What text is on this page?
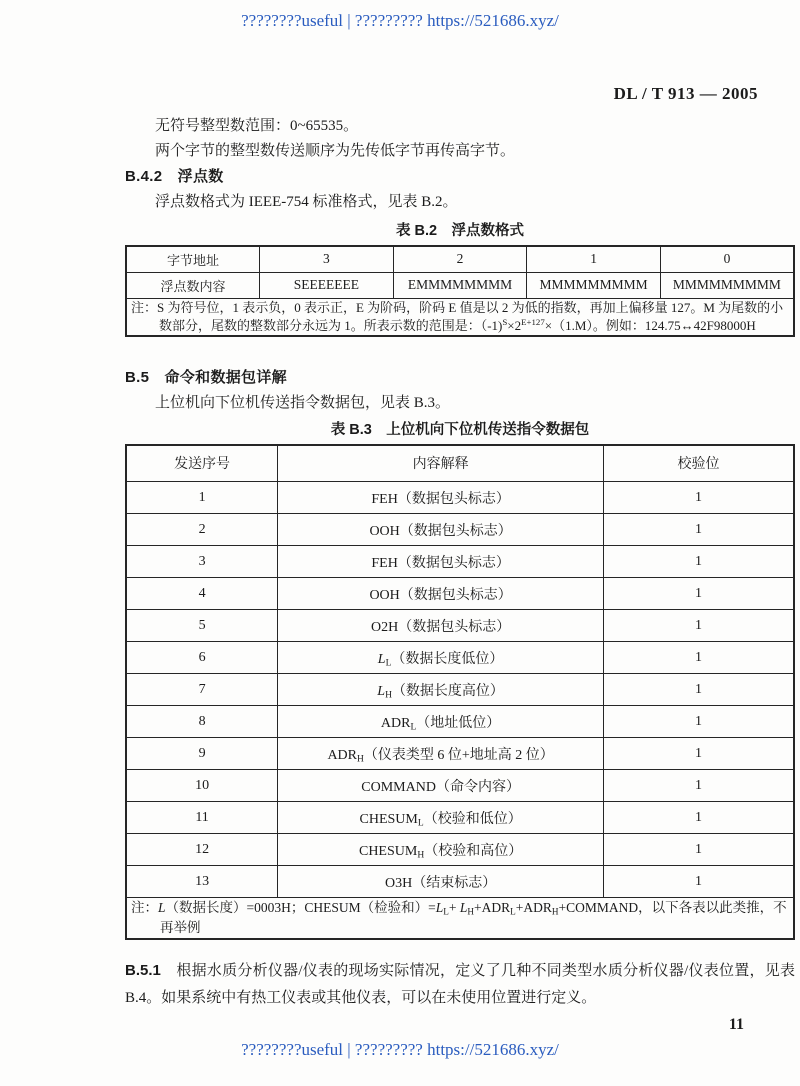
????????useful | ????????? https://521686.xyz/
DL / T 913 — 2005

无符号整型数范围：0~65535。

两个字节的整型数传送顺序为先传低字节再传高字节。

B.4.2　浮点数

浮点数格式为 IEEE-754 标准格式，见表 B.2。

表 B.2　浮点数格式
字节地址	3	2	1	0
浮点数内容	SEEEEEEE	EMMMMMMMM	MMMMMMMMM	MMMMMMMMM

注：S 为符号位，1 表示负，0 表示正，E 为阶码，阶码 E 值是以 2 为低的指数，再加上偏移量 127。M 为尾数的小数部分，尾数的整数部分永远为 1。所表示数的范围是：$(-1)^S\times 2^{E+127}\times(1.M)$。例如：124.75↔42F98000H				
B.5　命令和数据包详解

上位机向下位机传送指令数据包，见表 B.3。

表 B.3　上位机向下位机传送指令数据包
发送序号	内容解释	校验位
1	FEH（数据包头标志）	1
2	OOH（数据包头标志）	1
3	FEH（数据包头标志）	1
4	OOH（数据包头标志）	1
5	O2H（数据包头标志）	1
6	$L_L$（数据长度低位）	1
7	$L_H$（数据长度高位）	1
8	$ADR_L$（地址低位）	1
9	$ADR_H$（仪表类型 6 位+地址高 2 位）	1
10	COMMAND（命令内容）	1
11	$CHESUM_L$（校验和低位）	1
12	$CHESUM_H$（校验和高位）	1
13	O3H（结束标志）	1

注：L（数据长度）=0003H；CHESUM（检验和）$=L_L+$ $L_H+ADR_L+ADR_H+COMMAND$，以下各表以此类推，不再举例		

B.5.1　根据水质分析仪器/仪表的现场实际情况，定义了几种不同类型水质分析仪器/仪表位置，见表 B.4。如果系统中有热工仪表或其他仪表，可以在未使用位置进行定义。

11
????????useful | ????????? https://521686.xyz/
